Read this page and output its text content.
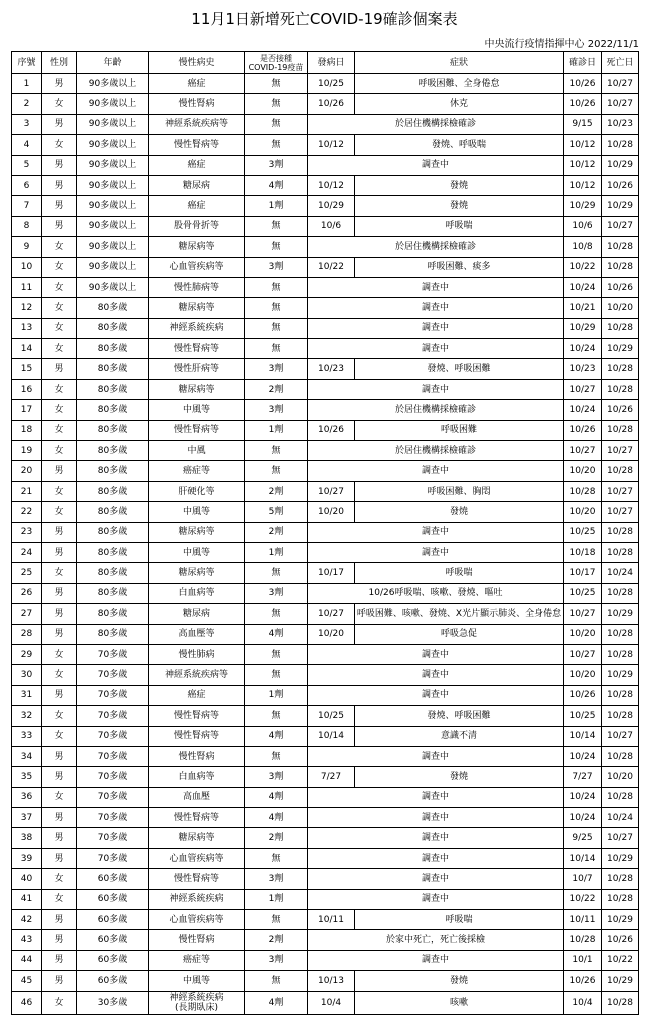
11月1日新增死亡COVID-19確診個案表
中央流行疫情指揮中心 2022/11/1
序號	性別	年齡	慢性病史	是否接種
COVID-19疫苗	發病日	症狀	確診日	死亡日
1	男	90多歲以上	癌症	無	10/25	呼吸困難、全身倦怠	10/26	10/27
2	女	90多歲以上	慢性腎病	無	10/26	休克	10/26	10/27
3	男	90多歲以上	神經系統疾病等	無	於居住機構採檢確診		9/15	10/23
4	女	90多歲以上	慢性腎病等	無	10/12	發燒、呼吸喘	10/12	10/28
5	男	90多歲以上	癌症	3劑	調查中		10/12	10/29
6	男	90多歲以上	糖尿病	4劑	10/12	發燒	10/12	10/26
7	男	90多歲以上	癌症	1劑	10/29	發燒	10/29	10/29
8	男	90多歲以上	股骨骨折等	無	10/6	呼吸喘	10/6	10/27
9	女	90多歲以上	糖尿病等	無	於居住機構採檢確診		10/8	10/28
10	女	90多歲以上	心血管疾病等	3劑	10/22	呼吸困難、痰多	10/22	10/28
11	女	90多歲以上	慢性肺病等	無	調查中		10/24	10/26
12	女	80多歲	糖尿病等	無	調查中		10/21	10/20
13	女	80多歲	神經系統疾病	無	調查中		10/29	10/28
14	女	80多歲	慢性腎病等	無	調查中		10/24	10/29
15	男	80多歲	慢性肝病等	3劑	10/23	發燒、呼吸困難	10/23	10/28
16	女	80多歲	糖尿病等	2劑	調查中		10/27	10/28
17	女	80多歲	中風等	3劑	於居住機構採檢確診		10/24	10/26
18	女	80多歲	慢性腎病等	1劑	10/26	呼吸困難	10/26	10/28
19	女	80多歲	中風	無	於居住機構採檢確診		10/27	10/27
20	男	80多歲	癌症等	無	調查中		10/20	10/28
21	女	80多歲	肝硬化等	2劑	10/27	呼吸困難、胸悶	10/28	10/27
22	女	80多歲	中風等	5劑	10/20	發燒	10/20	10/27
23	男	80多歲	糖尿病等	2劑	調查中		10/25	10/28
24	男	80多歲	中風等	1劑	調查中		10/18	10/28
25	女	80多歲	糖尿病等	無	10/17	呼吸喘	10/17	10/24
26	男	80多歲	白血病等	3劑	10/26呼吸喘、咳嗽、發燒、嘔吐		10/25	10/28
27	男	80多歲	糖尿病	無	10/27	呼吸困難、咳嗽、發燒、X光片顯示肺炎、全身倦怠	10/27	10/29
28	男	80多歲	高血壓等	4劑	10/20	呼吸急促	10/20	10/28
29	女	70多歲	慢性肺病	無	調查中		10/27	10/28
30	女	70多歲	神經系統疾病等	無	調查中		10/20	10/29
31	男	70多歲	癌症	1劑	調查中		10/26	10/28
32	女	70多歲	慢性腎病等	無	10/25	發燒、呼吸困難	10/25	10/28
33	女	70多歲	慢性腎病等	4劑	10/14	意識不清	10/14	10/27
34	男	70多歲	慢性腎病	無	調查中		10/24	10/28
35	男	70多歲	白血病等	3劑	7/27	發燒	7/27	10/20
36	女	70多歲	高血壓	4劑	調查中		10/24	10/28
37	男	70多歲	慢性腎病等	4劑	調查中		10/24	10/24
38	男	70多歲	糖尿病等	2劑	調查中		9/25	10/27
39	男	70多歲	心血管疾病等	無	調查中		10/14	10/29
40	女	60多歲	慢性腎病等	3劑	調查中		10/7	10/28
41	女	60多歲	神經系統疾病	1劑	調查中		10/22	10/28
42	男	60多歲	心血管疾病等	無	10/11	呼吸喘	10/11	10/29
43	男	60多歲	慢性腎病	2劑	於家中死亡，死亡後採檢		10/28	10/26
44	男	60多歲	癌症等	3劑	調查中		10/1	10/22
45	男	60多歲	中風等	無	10/13	發燒	10/26	10/29
46	女	30多歲	神經系統疾病
(長期臥床)	4劑	10/4	咳嗽	10/4	10/28
